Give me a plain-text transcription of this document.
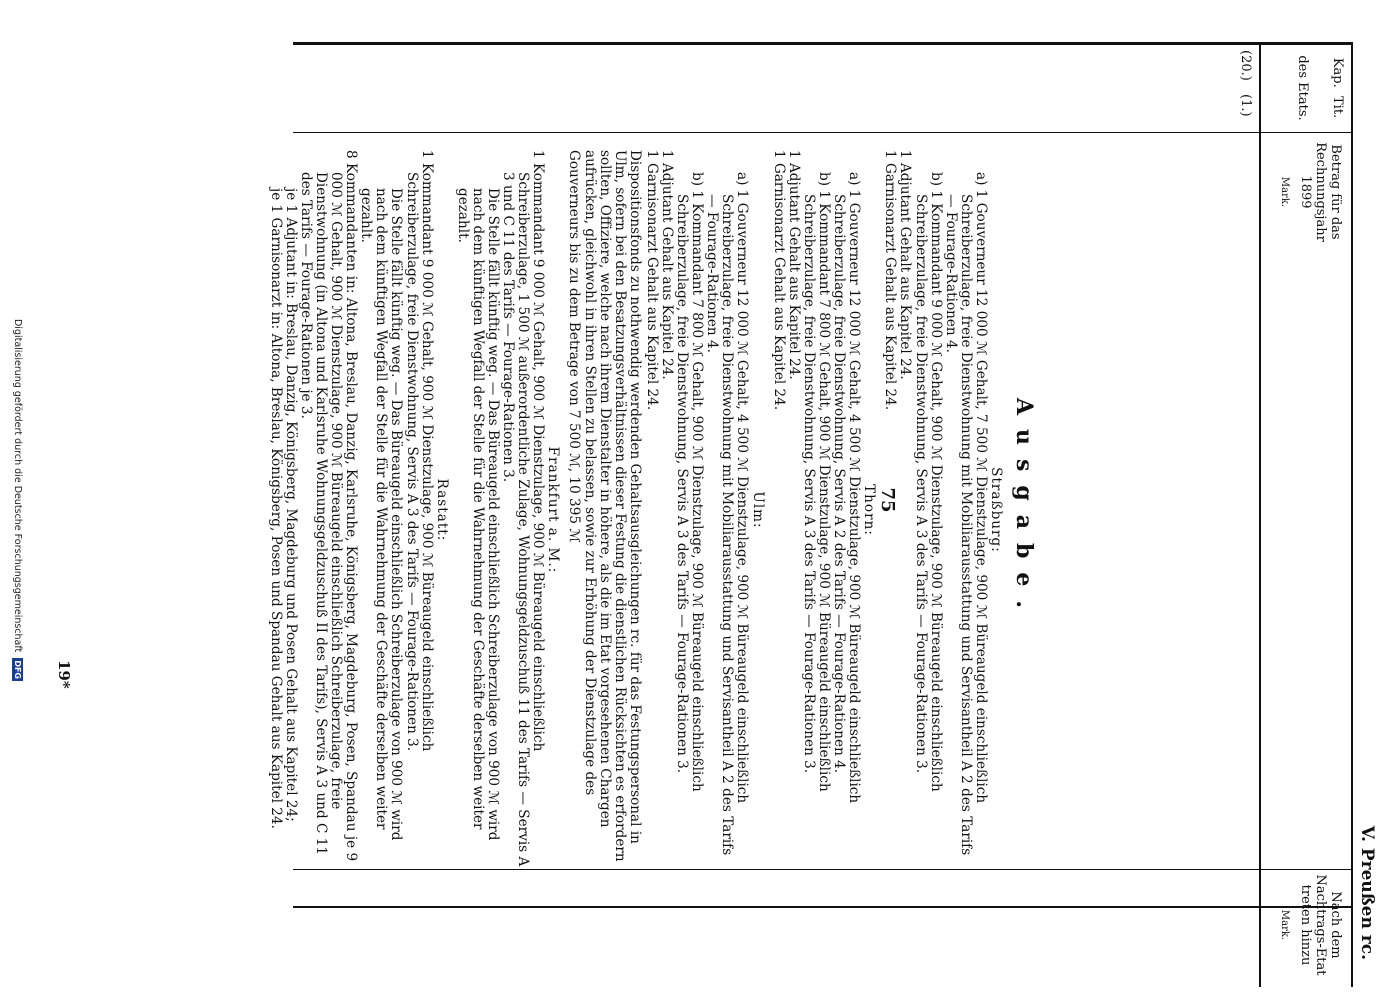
V. Preußen rc.
75
Kap.  Tit.
des Etats.
Betrag für das Rechnungsjahr 1899
Mark.
Nach dem Nachtrags-Etat treten hinzu
Mark.
(20.)
(1.)
Ausgabe.

Straßburg:

a) 1 Gouverneur 12 000 ℳ Gehalt, 7 500 ℳ Dienstzulage, 900 ℳ Büreaugeld einschließlich Schreiberzulage, freie Dienstwohnung mit Mobiliarausstattung und Servisantheil A 2 des Tarifs — Fourage-Rationen 4.

b) 1 Kommandant 9 000 ℳ Gehalt, 900 ℳ Dienstzulage, 900 ℳ Büreaugeld einschließlich Schreiberzulage, freie Dienstwohnung, Servis A 3 des Tarifs — Fourage-Rationen 3.

1 Adjutant Gehalt aus Kapitel 24.

1 Garnisonarzt Gehalt aus Kapitel 24.

Thorn:

a) 1 Gouverneur 12 000 ℳ Gehalt, 4 500 ℳ Dienstzulage, 900 ℳ Büreaugeld einschließlich Schreiberzulage, freie Dienstwohnung, Servis A 2 des Tarifs — Fourage-Rationen 4.

b) 1 Kommandant 7 800 ℳ Gehalt, 900 ℳ Dienstzulage, 900 ℳ Büreaugeld einschließlich Schreiberzulage, freie Dienstwohnung, Servis A 3 des Tarifs — Fourage-Rationen 3.

1 Adjutant Gehalt aus Kapitel 24.

1 Garnisonarzt Gehalt aus Kapitel 24.

Ulm:

a) 1 Gouverneur 12 000 ℳ Gehalt, 4 500 ℳ Dienstzulage, 900 ℳ Büreaugeld einschließlich Schreiberzulage, freie Dienstwohnung mit Mobiliarausstattung und Servisantheil A 2 des Tarifs — Fourage-Rationen 4.

b) 1 Kommandant 7 800 ℳ Gehalt, 900 ℳ Dienstzulage, 900 ℳ Büreaugeld einschließlich Schreiberzulage, freie Dienstwohnung, Servis A 3 des Tarifs — Fourage-Rationen 3.

1 Adjutant Gehalt aus Kapitel 24.

1 Garnisonarzt Gehalt aus Kapitel 24.

Dispositionsfonds zu nothwendig werdenden Gehaltsausgleichungen rc. für das Festungspersonal in Ulm, sofern bei den Besatzungsverhältnissen dieser Festung die dienstlichen Rücksichten es erfordern sollten, Offiziere, welche nach ihrem Dienstalter in höhere, als die im Etat vorgesehenen Chargen aufrücken, gleichwohl in ihren Stellen zu belassen, sowie zur Erhöhung der Dienstzulage des Gouverneurs bis zu dem Betrage von 7 500 ℳ, 10 395 ℳ

Frankfurt a. M.:

1 Kommandant 9 000 ℳ Gehalt, 900 ℳ Dienstzulage, 900 ℳ Büreaugeld einschließlich Schreiberzulage, 1 500 ℳ außerordentliche Zulage, Wohnungsgeldzuschuß 11 des Tarifs — Servis A 3 und C 11 des Tarifs — Fourage-Rationen 3.

Die Stelle fällt künftig weg. — Das Büreaugeld einschließlich Schreiberzulage von 900 ℳ wird nach dem künftigen Wegfall der Stelle für die Wahrnehmung der Geschäfte derselben weiter gezahlt.

Rastatt:

1 Kommandant 9 000 ℳ Gehalt, 900 ℳ Dienstzulage, 900 ℳ Büreaugeld einschließlich Schreiberzulage, freie Dienstwohnung, Servis A 3 des Tarifs — Fourage-Rationen 3.

Die Stelle fällt künftig weg. — Das Büreaugeld einschließlich Schreiberzulage von 900 ℳ wird nach dem künftigen Wegfall der Stelle für die Wahrnehmung der Geschäfte derselben weiter gezahlt.

8 Kommandanten in: Altona, Breslau, Danzig, Karlsruhe, Königsberg, Magdeburg, Posen, Spandau je 9 000 ℳ Gehalt, 900 ℳ Dienstzulage, 900 ℳ Büreaugeld einschließlich Schreiberzulage, freie Dienstwohnung (in Altona und Karlsruhe Wohnungsgeldzuschuß II des Tarifs), Servis A 3 und C 11 des Tarifs — Fourage-Rationen je 3.

je 1 Adjutant in: Breslau, Danzig, Königsberg, Magdeburg und Posen Gehalt aus Kapitel 24;

je 1 Garnisonarzt in: Altona, Breslau, Königsberg, Posen und Spandau Gehalt aus Kapitel 24.

19*
Digitalisierung gefördert durch die Deutsche Forschungsgemeinschaft DFG
